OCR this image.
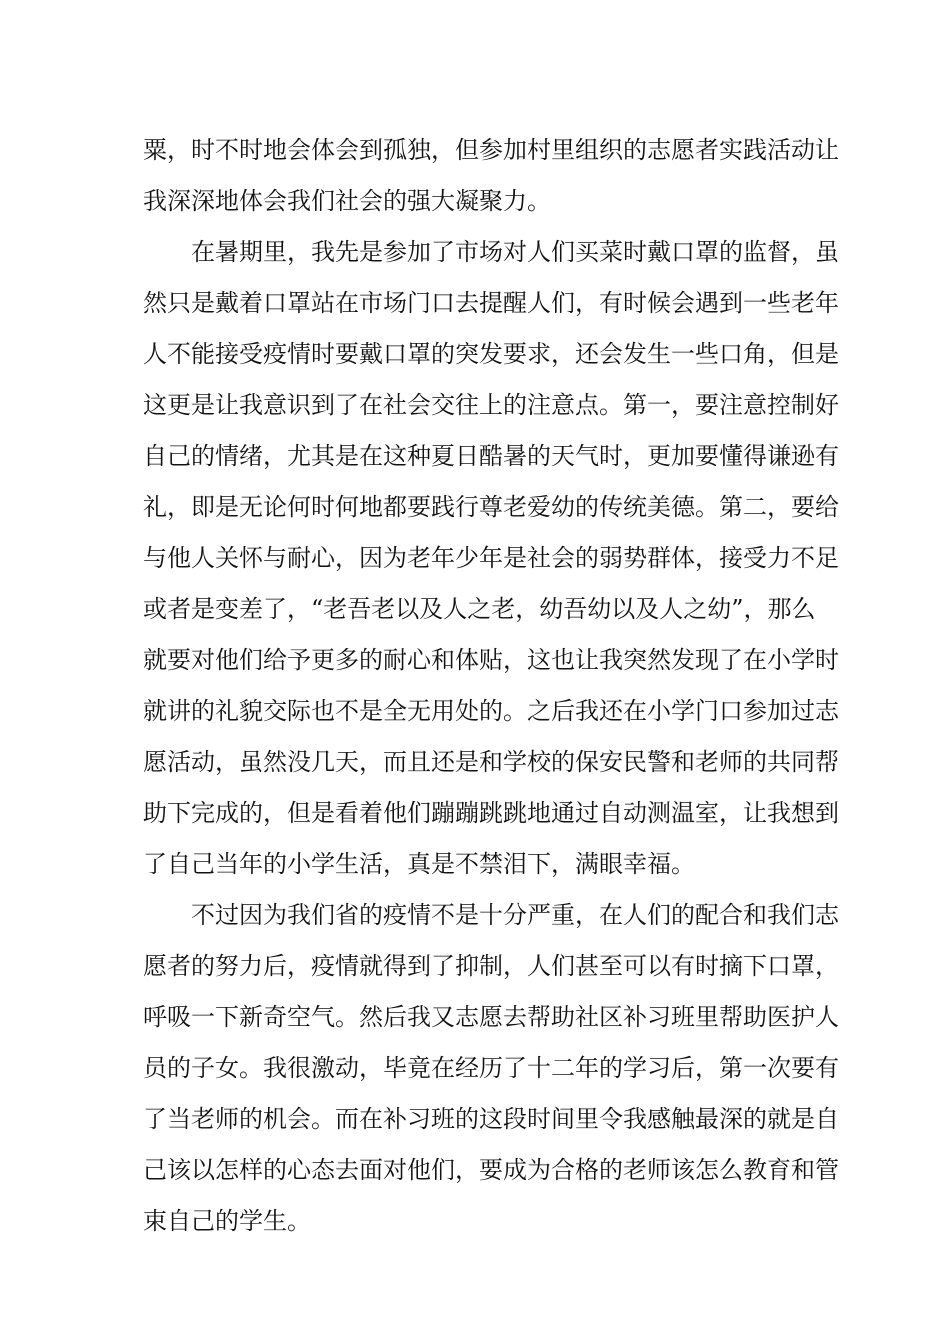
粟，时不时地会体会到孤独，但参加村里组织的志愿者实践活动让
我深深地体会我们社会的强大凝聚力。
在暑期里，我先是参加了市场对人们买菜时戴口罩的监督，虽
然只是戴着口罩站在市场门口去提醒人们，有时候会遇到一些老年
人不能接受疫情时要戴口罩的突发要求，还会发生一些口角，但是
这更是让我意识到了在社会交往上的注意点。第一，要注意控制好
自己的情绪，尤其是在这种夏日酷暑的天气时，更加要懂得谦逊有
礼，即是无论何时何地都要践行尊老爱幼的传统美德。第二，要给
与他人关怀与耐心，因为老年少年是社会的弱势群体，接受力不足
或者是变差了，“老吾老以及人之老，幼吾幼以及人之幼”，那么
就要对他们给予更多的耐心和体贴，这也让我突然发现了在小学时
就讲的礼貌交际也不是全无用处的。之后我还在小学门口参加过志
愿活动，虽然没几天，而且还是和学校的保安民警和老师的共同帮
助下完成的，但是看着他们蹦蹦跳跳地通过自动测温室，让我想到
了自己当年的小学生活，真是不禁泪下，满眼幸福。
不过因为我们省的疫情不是十分严重，在人们的配合和我们志
愿者的努力后，疫情就得到了抑制，人们甚至可以有时摘下口罩，
呼吸一下新奇空气。然后我又志愿去帮助社区补习班里帮助医护人
员的子女。我很激动，毕竟在经历了十二年的学习后，第一次要有
了当老师的机会。而在补习班的这段时间里令我感触最深的就是自
己该以怎样的心态去面对他们，要成为合格的老师该怎么教育和管
束自己的学生。
